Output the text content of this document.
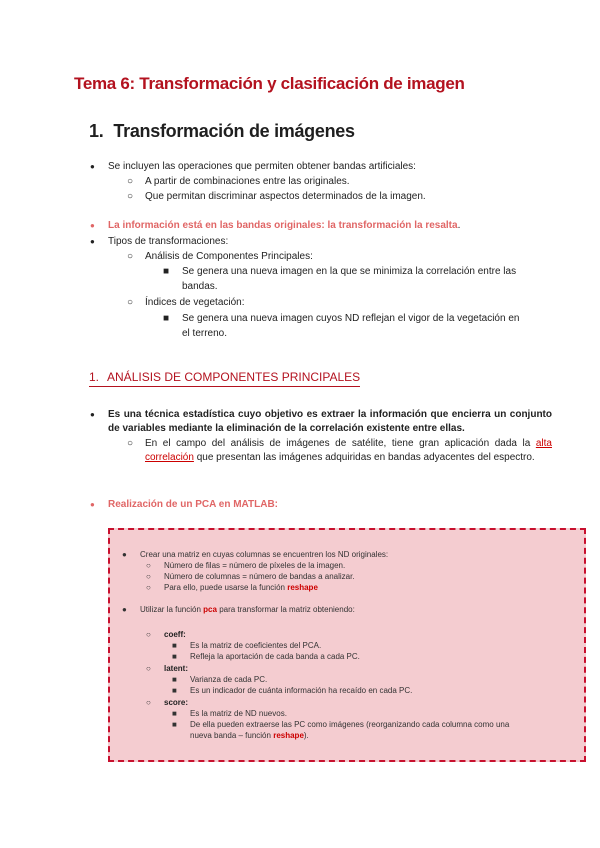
Tema 6: Transformación y clasificación de imagen
1. Transformación de imágenes
● Se incluyen las operaciones que permiten obtener bandas artificiales:
○ A partir de combinaciones entre las originales.
○ Que permitan discriminar aspectos determinados de la imagen.
● La información está en las bandas originales: la transformación la resalta.
● Tipos de transformaciones:
○ Análisis de Componentes Principales:
■ Se genera una nueva imagen en la que se minimiza la correlación entre las
bandas.
○ Índices de vegetación:
■ Se genera una nueva imagen cuyos ND reflejan el vigor de la vegetación en
el terreno.
1. ANÁLISIS DE COMPONENTES PRINCIPALES
● Es una técnica estadística cuyo objetivo es extraer la información que encierra un conjunto de variables mediante la eliminación de la correlación existente entre ellas.
○ En el campo del análisis de imágenes de satélite, tiene gran aplicación dada la alta correlación que presentan las imágenes adquiridas en bandas adyacentes del espectro.
● Realización de un PCA en MATLAB:
● Crear una matriz en cuyas columnas se encuentren los ND originales:
○ Número de filas = número de píxeles de la imagen.
○ Número de columnas = número de bandas a analizar.
○ Para ello, puede usarse la función reshape
● Utilizar la función pca para transformar la matriz obteniendo:
○ coeff:
■ Es la matriz de coeficientes del PCA.
■ Refleja la aportación de cada banda a cada PC.
○ latent:
■ Varianza de cada PC.
■ Es un indicador de cuánta información ha recaído en cada PC.
○ score:
■ Es la matriz de ND nuevos.
■ De ella pueden extraerse las PC como imágenes (reorganizando cada columna como una
nueva banda – función reshape).
